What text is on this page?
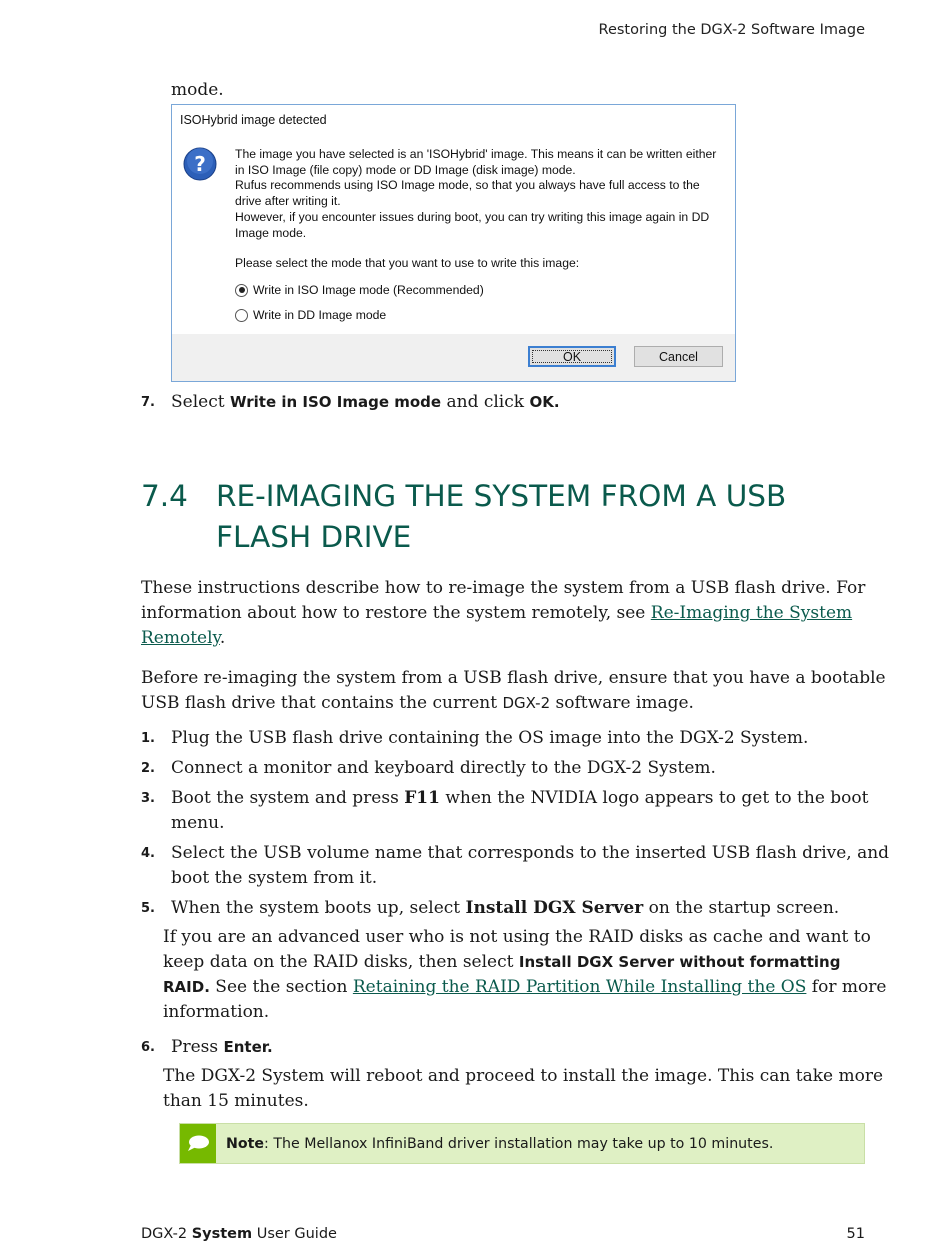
Restoring the DGX-2 Software Image
mode.
ISOHybrid image detected
? The image you have selected is an 'ISOHybrid' image. This means it can be written either
in ISO Image (file copy) mode or DD Image (disk image) mode.
Rufus recommends using ISO Image mode, so that you always have full access to the
drive after writing it.
However, if you encounter issues during boot, you can try writing this image again in DD
Image mode.
Please select the mode that you want to use to write this image:
Write in ISO Image mode (Recommended)
Write in DD Image mode
OK	Cancel
7. Select Write in ISO Image mode and click OK.
7.4 RE-IMAGING THE SYSTEM FROM A USB FLASH DRIVE
These instructions describe how to re-image the system from a USB flash drive. For
information about how to restore the system remotely, see Re-Imaging the System
Remotely.
Before re-imaging the system from a USB flash drive, ensure that you have a bootable
USB flash drive that contains the current DGX-2 software image.
1. Plug the USB flash drive containing the OS image into the DGX-2 System.
2. Connect a monitor and keyboard directly to the DGX-2 System.
3. Boot the system and press F11 when the NVIDIA logo appears to get to the boot
menu.
4. Select the USB volume name that corresponds to the inserted USB flash drive, and
boot the system from it.
5. When the system boots up, select Install DGX Server on the startup screen.
If you are an advanced user who is not using the RAID disks as cache and want to
keep data on the RAID disks, then select Install DGX Server without formatting
RAID. See the section Retaining the RAID Partition While Installing the OS for more
information.
6. Press Enter.
The DGX-2 System will reboot and proceed to install the image. This can take more
than 15 minutes.
Note: The Mellanox InfiniBand driver installation may take up to 10 minutes.
DGX-2 System User Guide	51
